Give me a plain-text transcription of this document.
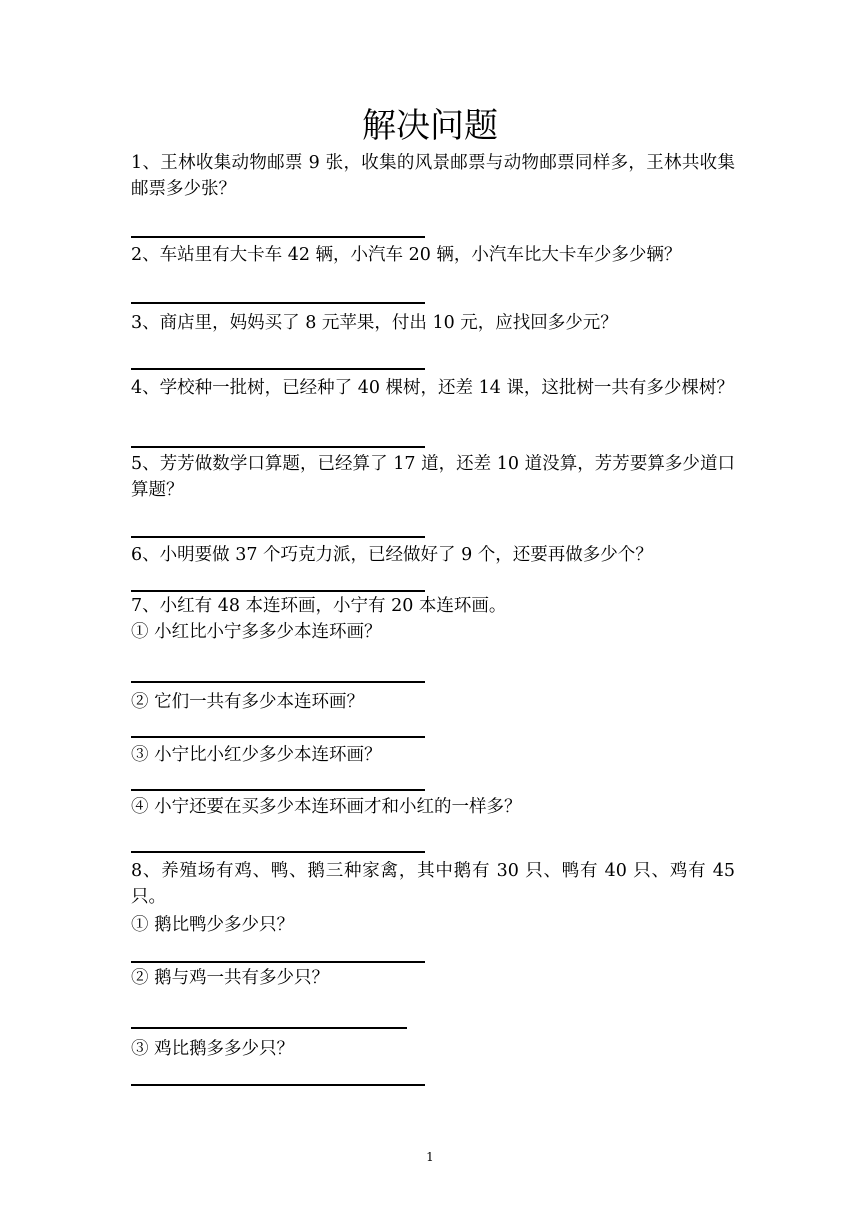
解决问题
1、王林收集动物邮票 9 张，收集的风景邮票与动物邮票同样多，王林共收集邮票多少张？
2、车站里有大卡车 42 辆，小汽车 20 辆，小汽车比大卡车少多少辆？
3、商店里，妈妈买了 8 元苹果，付出 10 元，应找回多少元？
4、学校种一批树，已经种了 40 棵树，还差 14 课，这批树一共有多少棵树？
5、芳芳做数学口算题，已经算了 17 道，还差 10 道没算，芳芳要算多少道口算题？
6、小明要做 37 个巧克力派，已经做好了 9 个，还要再做多少个？
7、小红有 48 本连环画，小宁有 20 本连环画。
① 小红比小宁多多少本连环画？
② 它们一共有多少本连环画？
③ 小宁比小红少多少本连环画？
④ 小宁还要在买多少本连环画才和小红的一样多？
8、养殖场有鸡、鸭、鹅三种家禽，其中鹅有 30 只、鸭有 40 只、鸡有 45 只。
① 鹅比鸭少多少只？
② 鹅与鸡一共有多少只？
③ 鸡比鹅多多少只？
1
